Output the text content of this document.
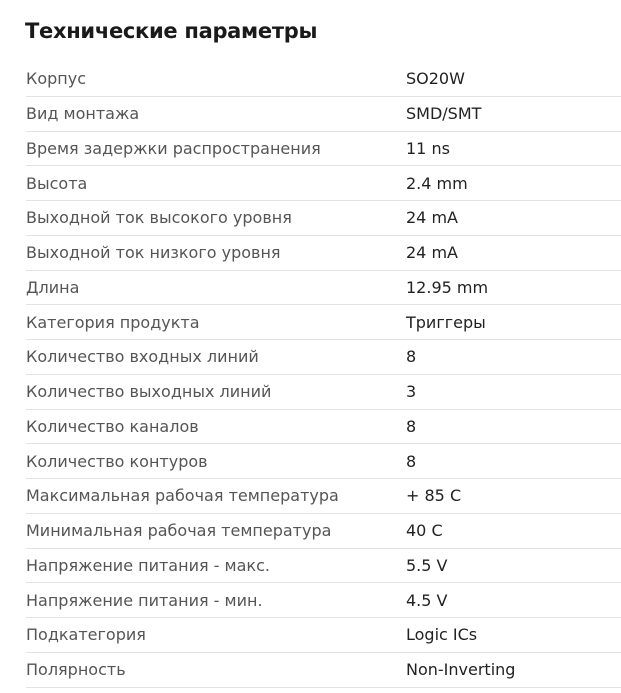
Технические параметры
Корпус	SO20W
Вид монтажа	SMD/SMT
Время задержки распространения	11 ns
Высота	2.4 mm
Выходной ток высокого уровня	24 mA
Выходной ток низкого уровня	24 mA
Длина	12.95 mm
Категория продукта	Триггеры
Количество входных линий	8
Количество выходных линий	3
Количество каналов	8
Количество контуров	8
Максимальная рабочая температура	+ 85 C
Минимальная рабочая температура	40 C
Напряжение питания - макс.	5.5 V
Напряжение питания - мин.	4.5 V
Подкатегория	Logic ICs
Полярность	Non-Inverting
